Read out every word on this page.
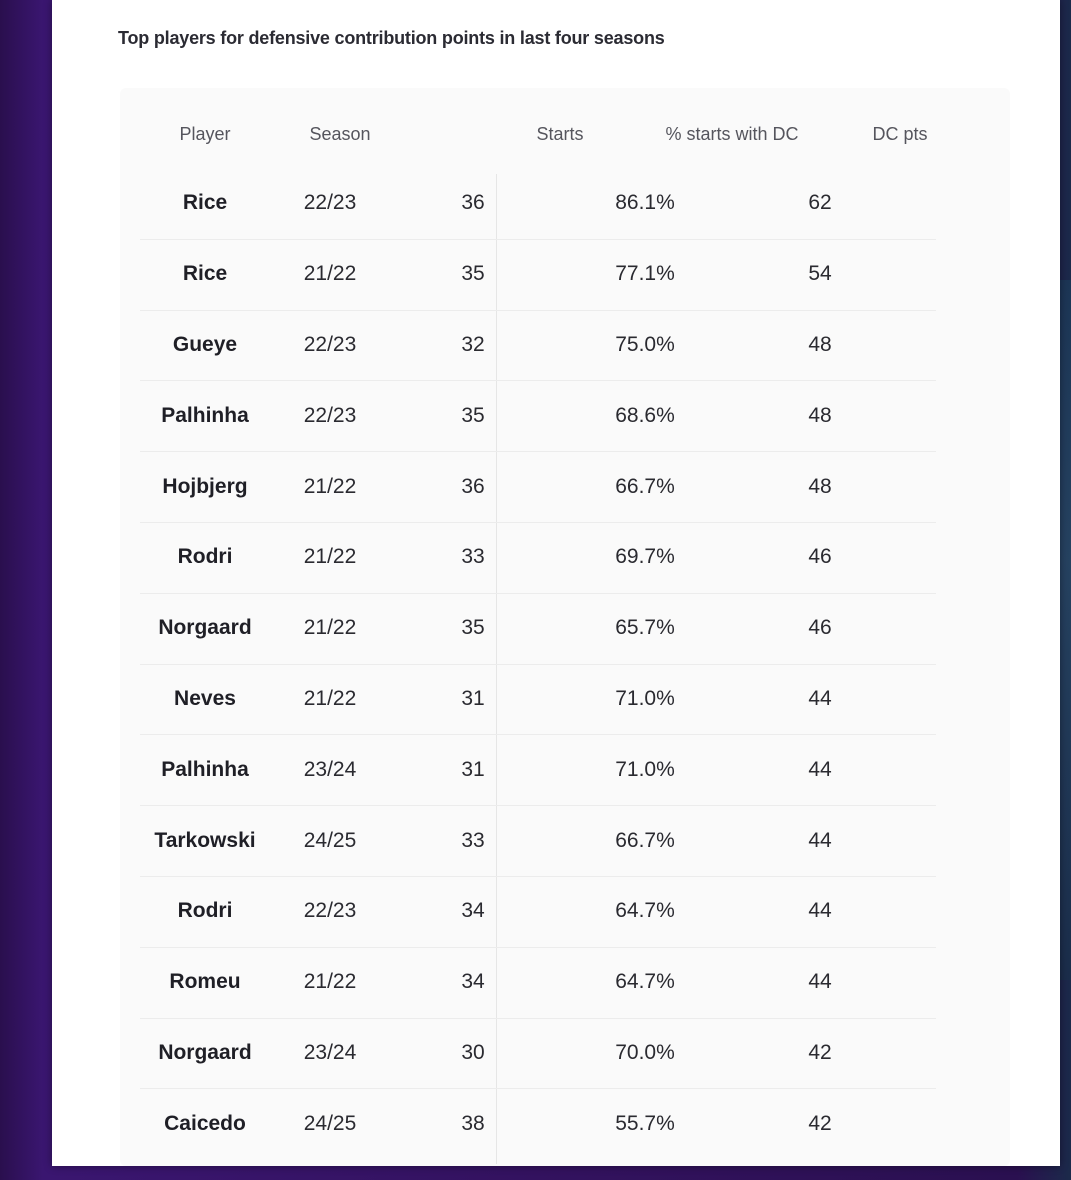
Top players for defensive contribution points in last four seasons
Player	Season	Starts	% starts with DC	DC pts
Rice	22/23	36	86.1%	62
Rice	21/22	35	77.1%	54
Gueye	22/23	32	75.0%	48
Palhinha	22/23	35	68.6%	48
Hojbjerg	21/22	36	66.7%	48
Rodri	21/22	33	69.7%	46
Norgaard	21/22	35	65.7%	46
Neves	21/22	31	71.0%	44
Palhinha	23/24	31	71.0%	44
Tarkowski	24/25	33	66.7%	44
Rodri	22/23	34	64.7%	44
Romeu	21/22	34	64.7%	44
Norgaard	23/24	30	70.0%	42
Caicedo	24/25	38	55.7%	42
